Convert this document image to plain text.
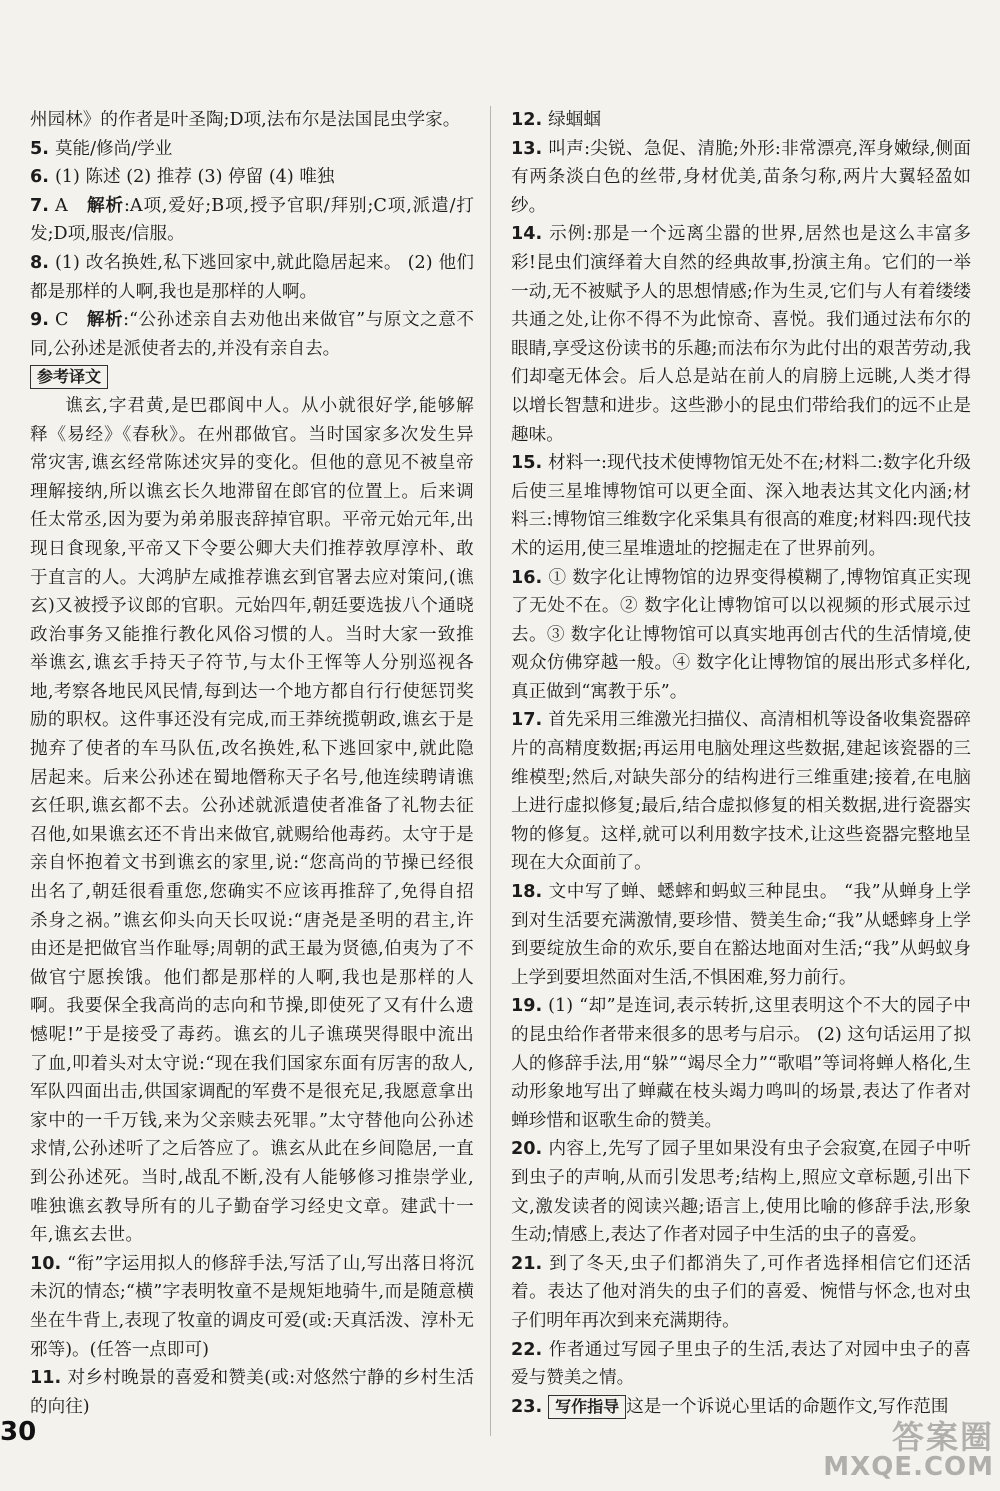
州园林》的作者是叶圣陶;D项,法布尔是法国昆虫学家。

5. 莫能/修尚/学业

6. (1) 陈述 (2) 推荐 (3) 停留 (4) 唯独

7. A 解析:A项,爱好;B项,授予官职/拜别;C项,派遣/打发;D项,服丧/信服。

8. (1) 改名换姓,私下逃回家中,就此隐居起来。 (2) 他们都是那样的人啊,我也是那样的人啊。

9. C 解析:“公孙述亲自去劝他出来做官”与原文之意不同,公孙述是派使者去的,并没有亲自去。

参考译文

谯玄,字君黄,是巴郡阆中人。从小就很好学,能够解释《易经》《春秋》。在州郡做官。当时国家多次发生异常灾害,谯玄经常陈述灾异的变化。但他的意见不被皇帝理解接纳,所以谯玄长久地滞留在郎官的位置上。后来调任太常丞,因为要为弟弟服丧辞掉官职。平帝元始元年,出现日食现象,平帝又下令要公卿大夫们推荐敦厚淳朴、敢于直言的人。大鸿胪左咸推荐谯玄到官署去应对策问,(谯玄)又被授予议郎的官职。元始四年,朝廷要选拔八个通晓政治事务又能推行教化风俗习惯的人。当时大家一致推举谯玄,谯玄手持天子符节,与太仆王恽等人分别巡视各地,考察各地民风民情,每到达一个地方都自行行使惩罚奖励的职权。这件事还没有完成,而王莽统揽朝政,谯玄于是抛弃了使者的车马队伍,改名换姓,私下逃回家中,就此隐居起来。后来公孙述在蜀地僭称天子名号,他连续聘请谯玄任职,谯玄都不去。公孙述就派遣使者准备了礼物去征召他,如果谯玄还不肯出来做官,就赐给他毒药。太守于是亲自怀抱着文书到谯玄的家里,说:“您高尚的节操已经很出名了,朝廷很看重您,您确实不应该再推辞了,免得自招杀身之祸。”谯玄仰头向天长叹说:“唐尧是圣明的君主,许由还是把做官当作耻辱;周朝的武王最为贤德,伯夷为了不做官宁愿挨饿。他们都是那样的人啊,我也是那样的人啊。我要保全我高尚的志向和节操,即使死了又有什么遗憾呢!”于是接受了毒药。谯玄的儿子谯瑛哭得眼中流出了血,叩着头对太守说:“现在我们国家东面有厉害的敌人,军队四面出击,供国家调配的军费不是很充足,我愿意拿出家中的一千万钱,来为父亲赎去死罪。”太守替他向公孙述求情,公孙述听了之后答应了。谯玄从此在乡间隐居,一直到公孙述死。当时,战乱不断,没有人能够修习推崇学业,唯独谯玄教导所有的儿子勤奋学习经史文章。建武十一年,谯玄去世。

10. “衔”字运用拟人的修辞手法,写活了山,写出落日将沉未沉的情态;“横”字表明牧童不是规矩地骑牛,而是随意横坐在牛背上,表现了牧童的调皮可爱(或:天真活泼、淳朴无邪等)。(任答一点即可)

11. 对乡村晚景的喜爱和赞美(或:对悠然宁静的乡村生活的向往)

12. 绿蝈蝈

13. 叫声:尖锐、急促、清脆;外形:非常漂亮,浑身嫩绿,侧面有两条淡白色的丝带,身材优美,苗条匀称,两片大翼轻盈如纱。

14. 示例:那是一个远离尘嚣的世界,居然也是这么丰富多彩!昆虫们演绎着大自然的经典故事,扮演主角。它们的一举一动,无不被赋予人的思想情感;作为生灵,它们与人有着缕缕共通之处,让你不得不为此惊奇、喜悦。我们通过法布尔的眼睛,享受这份读书的乐趣;而法布尔为此付出的艰苦劳动,我们却毫无体会。后人总是站在前人的肩膀上远眺,人类才得以增长智慧和进步。这些渺小的昆虫们带给我们的远不止是趣味。

15. 材料一:现代技术使博物馆无处不在;材料二:数字化升级后使三星堆博物馆可以更全面、深入地表达其文化内涵;材料三:博物馆三维数字化采集具有很高的难度;材料四:现代技术的运用,使三星堆遗址的挖掘走在了世界前列。

16. ① 数字化让博物馆的边界变得模糊了,博物馆真正实现了无处不在。② 数字化让博物馆可以以视频的形式展示过去。③ 数字化让博物馆可以真实地再创古代的生活情境,使观众仿佛穿越一般。④ 数字化让博物馆的展出形式多样化,真正做到“寓教于乐”。

17. 首先采用三维激光扫描仪、高清相机等设备收集瓷器碎片的高精度数据;再运用电脑处理这些数据,建起该瓷器的三维模型;然后,对缺失部分的结构进行三维重建;接着,在电脑上进行虚拟修复;最后,结合虚拟修复的相关数据,进行瓷器实物的修复。这样,就可以利用数字技术,让这些瓷器完整地呈现在大众面前了。

18. 文中写了蝉、蟋蟀和蚂蚁三种昆虫。 “我”从蝉身上学到对生活要充满激情,要珍惜、赞美生命;“我”从蟋蟀身上学到要绽放生命的欢乐,要自在豁达地面对生活;“我”从蚂蚁身上学到要坦然面对生活,不惧困难,努力前行。

19. (1) “却”是连词,表示转折,这里表明这个不大的园子中的昆虫给作者带来很多的思考与启示。 (2) 这句话运用了拟人的修辞手法,用“躲”“竭尽全力”“歌唱”等词将蝉人格化,生动形象地写出了蝉藏在枝头竭力鸣叫的场景,表达了作者对蝉珍惜和讴歌生命的赞美。

20. 内容上,先写了园子里如果没有虫子会寂寞,在园子中听到虫子的声响,从而引发思考;结构上,照应文章标题,引出下文,激发读者的阅读兴趣;语言上,使用比喻的修辞手法,形象生动;情感上,表达了作者对园子中生活的虫子的喜爱。

21. 到了冬天,虫子们都消失了,可作者选择相信它们还活着。表达了他对消失的虫子们的喜爱、惋惜与怀念,也对虫子们明年再次到来充满期待。

22. 作者通过写园子里虫子的生活,表达了对园中虫子的喜爱与赞美之情。

23. 写作指导 这是一个诉说心里话的命题作文,写作范围

30	答案圈
MXQE.COM
